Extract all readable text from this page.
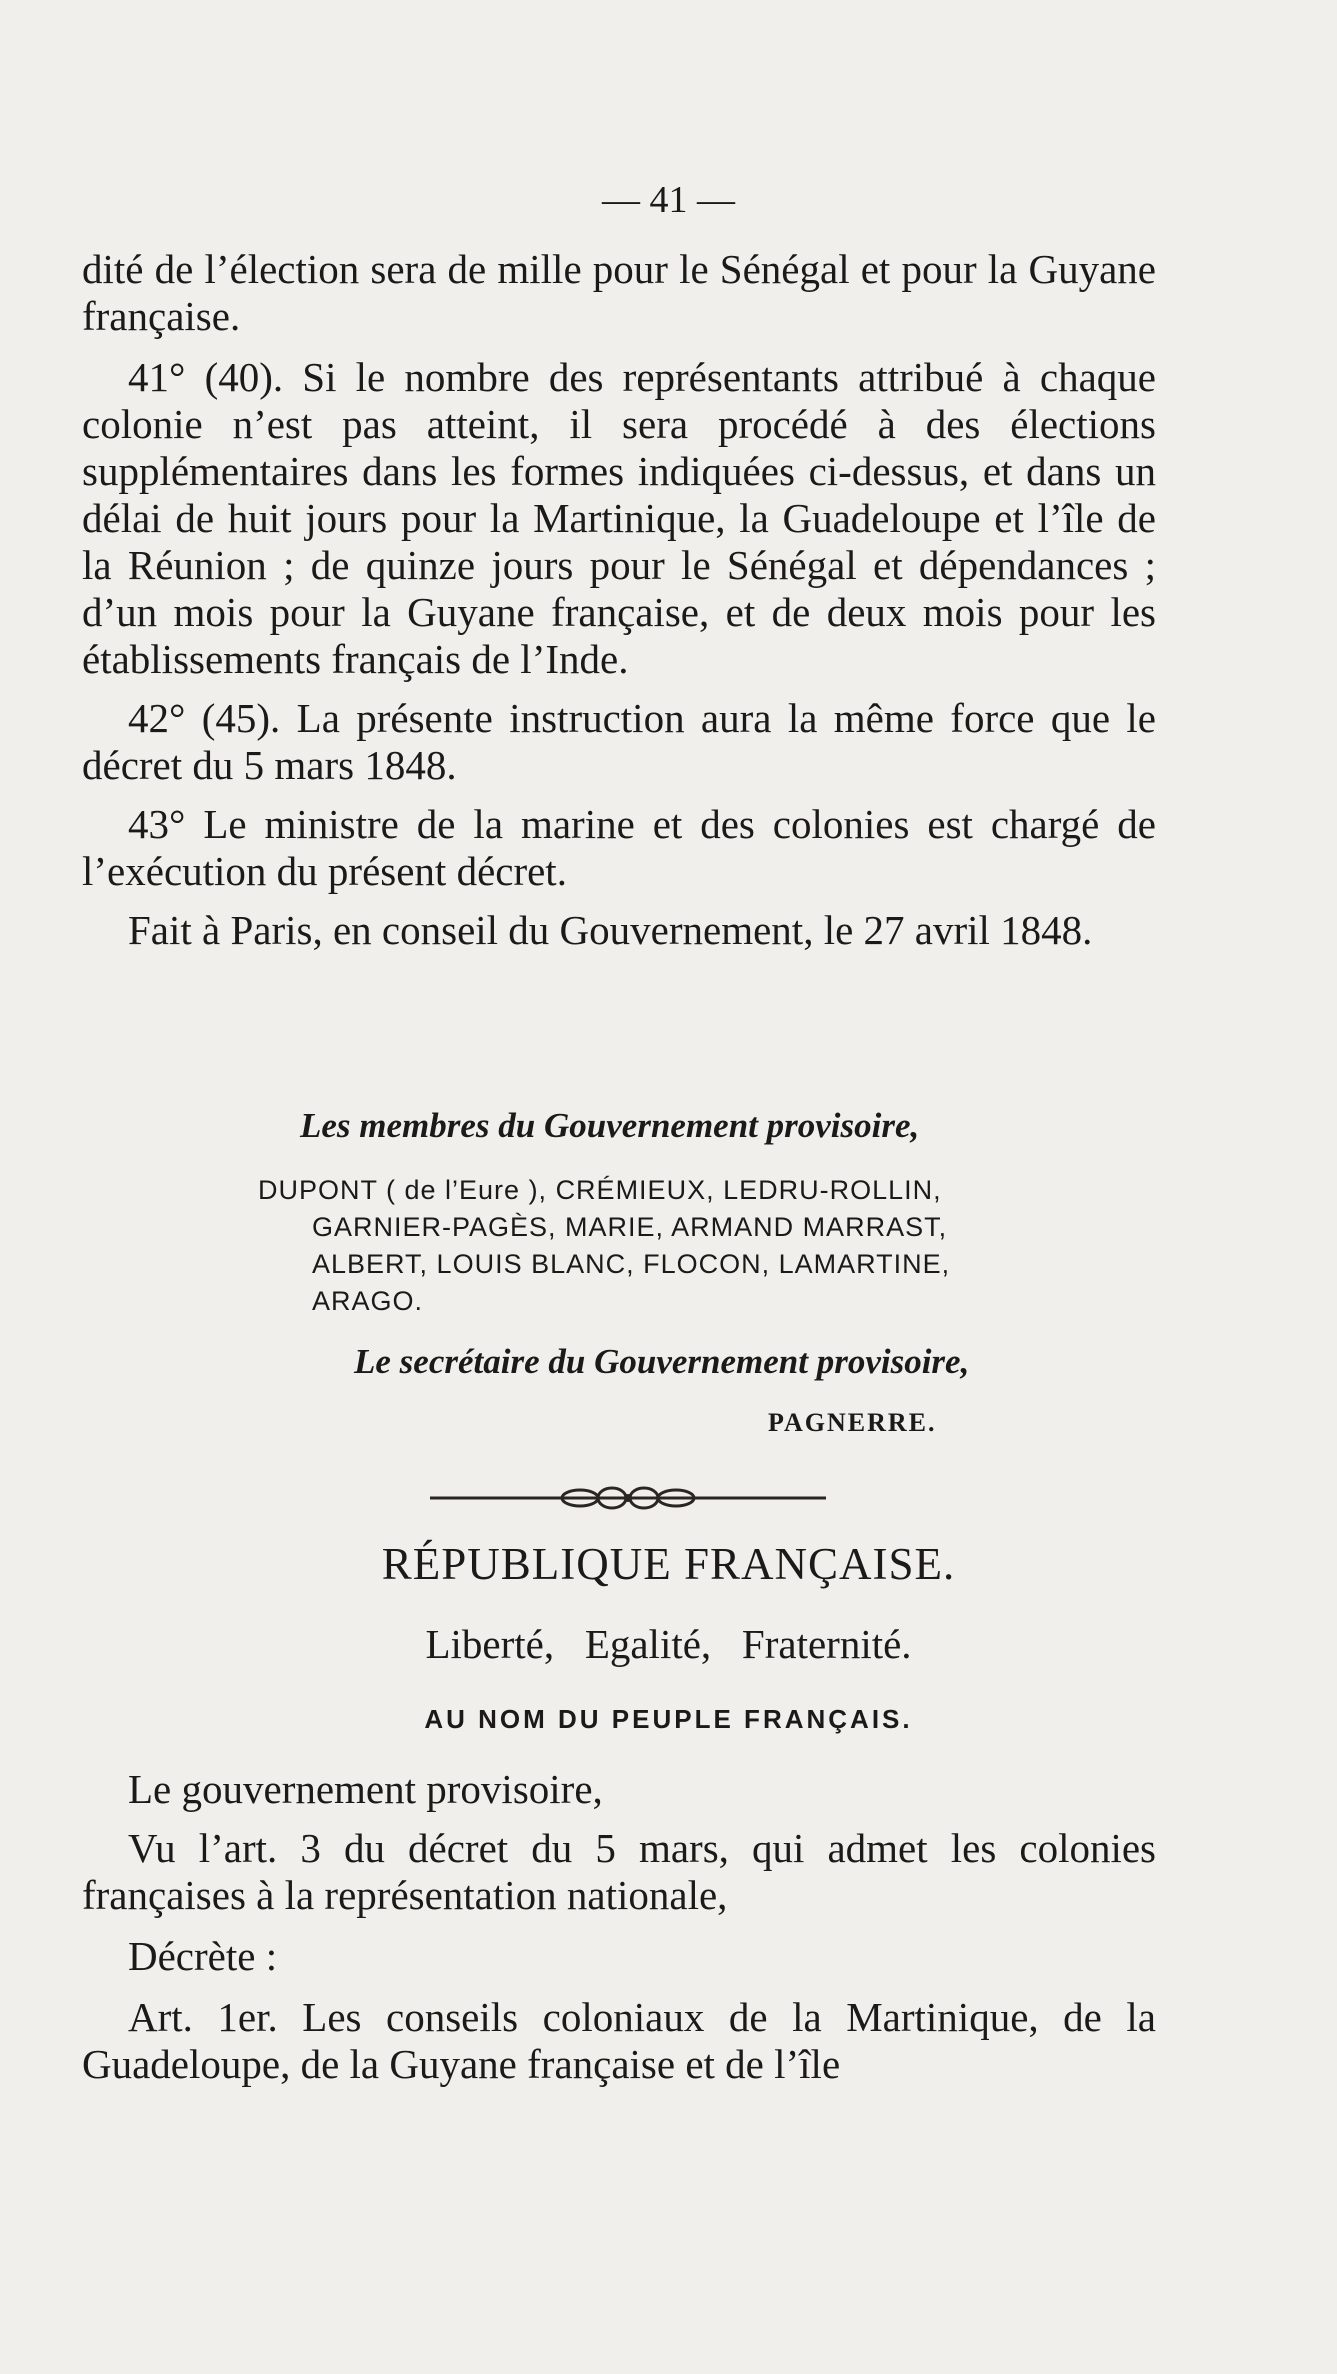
— 41 —

dité de l’élection sera de mille pour le Sénégal et pour la Guyane française.

41° (40). Si le nombre des représentants attribué à chaque colonie n’est pas atteint, il sera procédé à des élections supplémentaires dans les formes indiquées ci-dessus, et dans un délai de huit jours pour la Martinique, la Guadeloupe et l’île de la Réunion ; de quinze jours pour le Sénégal et dépendances ; d’un mois pour la Guyane française, et de deux mois pour les établissements français de l’Inde.

42° (45). La présente instruction aura la même force que le décret du 5 mars 1848.

43° Le ministre de la marine et des colonies est chargé de l’exécution du présent décret.

Fait à Paris, en conseil du Gouvernement, le 27 avril 1848.

Les membres du Gouvernement provisoire,
DUPONT ( de l’Eure ), CRÉMIEUX, LEDRU-ROLLIN,
GARNIER-PAGÈS, MARIE, ARMAND MARRAST,
ALBERT, LOUIS BLANC, FLOCON, LAMARTINE,
ARAGO.
Le secrétaire du Gouvernement provisoire,
PAGNERRE.
RÉPUBLIQUE FRANÇAISE.
Liberté,   Egalité,   Fraternité.
AU NOM DU PEUPLE FRANÇAIS.

Le gouvernement provisoire,

Vu l’art. 3 du décret du 5 mars, qui admet les colonies françaises à la représentation nationale,

Décrète :

Art. 1er. Les conseils coloniaux de la Martinique, de la Guadeloupe, de la Guyane française et de l’île
